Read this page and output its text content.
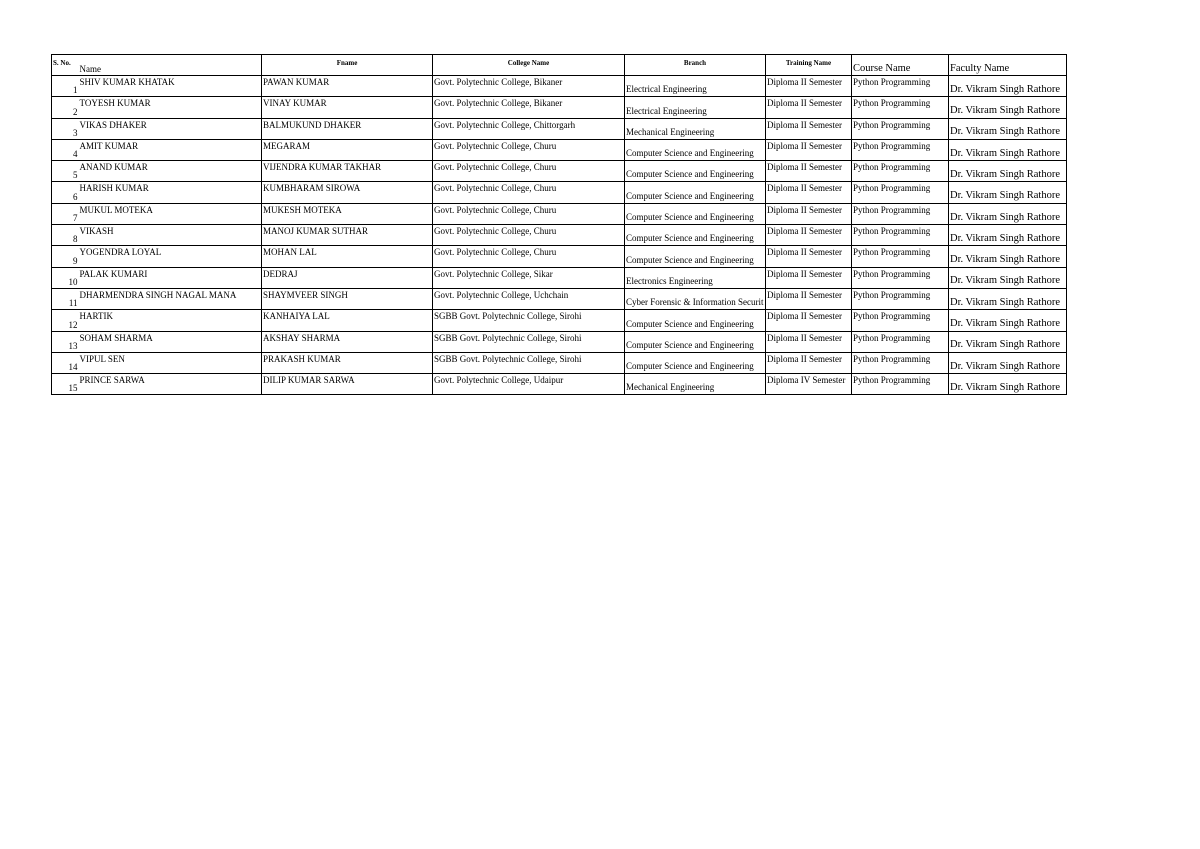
S. No.	Name	Fname	College Name	Branch	Training Name	Course Name	Faculty Name
1	SHIV KUMAR KHATAK	PAWAN KUMAR	Govt. Polytechnic College, Bikaner	Electrical Engineering	Diploma II Semester	Python Programming	Dr. Vikram Singh Rathore
2	TOYESH KUMAR	VINAY KUMAR	Govt. Polytechnic College, Bikaner	Electrical Engineering	Diploma II Semester	Python Programming	Dr. Vikram Singh Rathore
3	VIKAS DHAKER	BALMUKUND DHAKER	Govt. Polytechnic College, Chittorgarh	Mechanical Engineering	Diploma II Semester	Python Programming	Dr. Vikram Singh Rathore
4	AMIT KUMAR	MEGARAM	Govt. Polytechnic College, Churu	Computer Science and Engineering	Diploma II Semester	Python Programming	Dr. Vikram Singh Rathore
5	ANAND KUMAR	VIJENDRA KUMAR TAKHAR	Govt. Polytechnic College, Churu	Computer Science and Engineering	Diploma II Semester	Python Programming	Dr. Vikram Singh Rathore
6	HARISH KUMAR	KUMBHARAM SIROWA	Govt. Polytechnic College, Churu	Computer Science and Engineering	Diploma II Semester	Python Programming	Dr. Vikram Singh Rathore
7	MUKUL MOTEKA	MUKESH MOTEKA	Govt. Polytechnic College, Churu	Computer Science and Engineering	Diploma II Semester	Python Programming	Dr. Vikram Singh Rathore
8	VIKASH	MANOJ KUMAR SUTHAR	Govt. Polytechnic College, Churu	Computer Science and Engineering	Diploma II Semester	Python Programming	Dr. Vikram Singh Rathore
9	YOGENDRA LOYAL	MOHAN LAL	Govt. Polytechnic College, Churu	Computer Science and Engineering	Diploma II Semester	Python Programming	Dr. Vikram Singh Rathore
10	PALAK KUMARI	DEDRAJ	Govt. Polytechnic College, Sikar	Electronics Engineering	Diploma II Semester	Python Programming	Dr. Vikram Singh Rathore
11	DHARMENDRA SINGH NAGAL MANA	SHAYMVEER SINGH	Govt. Polytechnic College, Uchchain	Cyber Forensic & Information Securit	Diploma II Semester	Python Programming	Dr. Vikram Singh Rathore
12	HARTIK	KANHAIYA LAL	SGBB Govt. Polytechnic College, Sirohi	Computer Science and Engineering	Diploma II Semester	Python Programming	Dr. Vikram Singh Rathore
13	SOHAM SHARMA	AKSHAY SHARMA	SGBB Govt. Polytechnic College, Sirohi	Computer Science and Engineering	Diploma II Semester	Python Programming	Dr. Vikram Singh Rathore
14	VIPUL SEN	PRAKASH KUMAR	SGBB Govt. Polytechnic College, Sirohi	Computer Science and Engineering	Diploma II Semester	Python Programming	Dr. Vikram Singh Rathore
15	PRINCE SARWA	DILIP KUMAR SARWA	Govt. Polytechnic College, Udaipur	Mechanical Engineering	Diploma IV Semester	Python Programming	Dr. Vikram Singh Rathore
